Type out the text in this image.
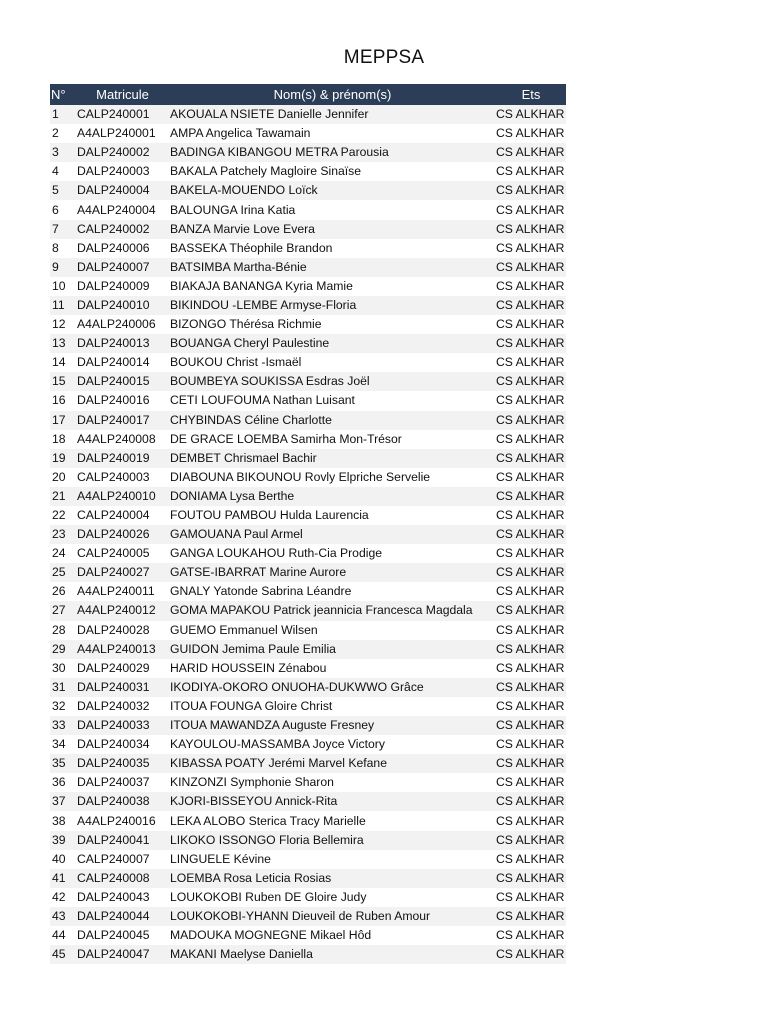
MEPPSA
N°	Matricule	Nom(s) & prénom(s)	Ets
1	CALP240001	AKOUALA NSIETE Danielle Jennifer	CS ALKHAR
2	A4ALP240001	AMPA Angelica Tawamain	CS ALKHAR
3	DALP240002	BADINGA KIBANGOU METRA Parousia	CS ALKHAR
4	DALP240003	BAKALA Patchely Magloire Sinaïse	CS ALKHAR
5	DALP240004	BAKELA-MOUENDO Loïck	CS ALKHAR
6	A4ALP240004	BALOUNGA Irina Katia	CS ALKHAR
7	CALP240002	BANZA Marvie Love Evera	CS ALKHAR
8	DALP240006	BASSEKA Théophile Brandon	CS ALKHAR
9	DALP240007	BATSIMBA Martha-Bénie	CS ALKHAR
10	DALP240009	BIAKAJA BANANGA Kyria Mamie	CS ALKHAR
11	DALP240010	BIKINDOU -LEMBE Armyse-Floria	CS ALKHAR
12	A4ALP240006	BIZONGO Thérésa Richmie	CS ALKHAR
13	DALP240013	BOUANGA Cheryl Paulestine	CS ALKHAR
14	DALP240014	BOUKOU Christ -Ismaël	CS ALKHAR
15	DALP240015	BOUMBEYA SOUKISSA Esdras Joël	CS ALKHAR
16	DALP240016	CETI LOUFOUMA Nathan Luisant	CS ALKHAR
17	DALP240017	CHYBINDAS Céline Charlotte	CS ALKHAR
18	A4ALP240008	DE GRACE LOEMBA Samirha Mon-Trésor	CS ALKHAR
19	DALP240019	DEMBET Chrismael Bachir	CS ALKHAR
20	CALP240003	DIABOUNA BIKOUNOU Rovly Elpriche Servelie	CS ALKHAR
21	A4ALP240010	DONIAMA Lysa Berthe	CS ALKHAR
22	CALP240004	FOUTOU PAMBOU Hulda Laurencia	CS ALKHAR
23	DALP240026	GAMOUANA Paul Armel	CS ALKHAR
24	CALP240005	GANGA LOUKAHOU Ruth-Cia Prodige	CS ALKHAR
25	DALP240027	GATSE-IBARRAT Marine Aurore	CS ALKHAR
26	A4ALP240011	GNALY Yatonde Sabrina Léandre	CS ALKHAR
27	A4ALP240012	GOMA MAPAKOU Patrick jeannicia Francesca Magdala	CS ALKHAR
28	DALP240028	GUEMO Emmanuel Wilsen	CS ALKHAR
29	A4ALP240013	GUIDON Jemima Paule Emilia	CS ALKHAR
30	DALP240029	HARID HOUSSEIN Zénabou	CS ALKHAR
31	DALP240031	IKODIYA-OKORO ONUOHA-DUKWWO Grâce	CS ALKHAR
32	DALP240032	ITOUA FOUNGA Gloire Christ	CS ALKHAR
33	DALP240033	ITOUA MAWANDZA Auguste Fresney	CS ALKHAR
34	DALP240034	KAYOULOU-MASSAMBA Joyce Victory	CS ALKHAR
35	DALP240035	KIBASSA POATY Jerémi Marvel Kefane	CS ALKHAR
36	DALP240037	KINZONZI Symphonie Sharon	CS ALKHAR
37	DALP240038	KJORI-BISSEYOU Annick-Rita	CS ALKHAR
38	A4ALP240016	LEKA ALOBO Sterica Tracy Marielle	CS ALKHAR
39	DALP240041	LIKOKO ISSONGO Floria Bellemira	CS ALKHAR
40	CALP240007	LINGUELE Kévine	CS ALKHAR
41	CALP240008	LOEMBA Rosa Leticia Rosias	CS ALKHAR
42	DALP240043	LOUKOKOBI Ruben DE Gloire Judy	CS ALKHAR
43	DALP240044	LOUKOKOBI-YHANN Dieuveil de Ruben Amour	CS ALKHAR
44	DALP240045	MADOUKA MOGNEGNE Mikael Hôd	CS ALKHAR
45	DALP240047	MAKANI Maelyse Daniella	CS ALKHAR
